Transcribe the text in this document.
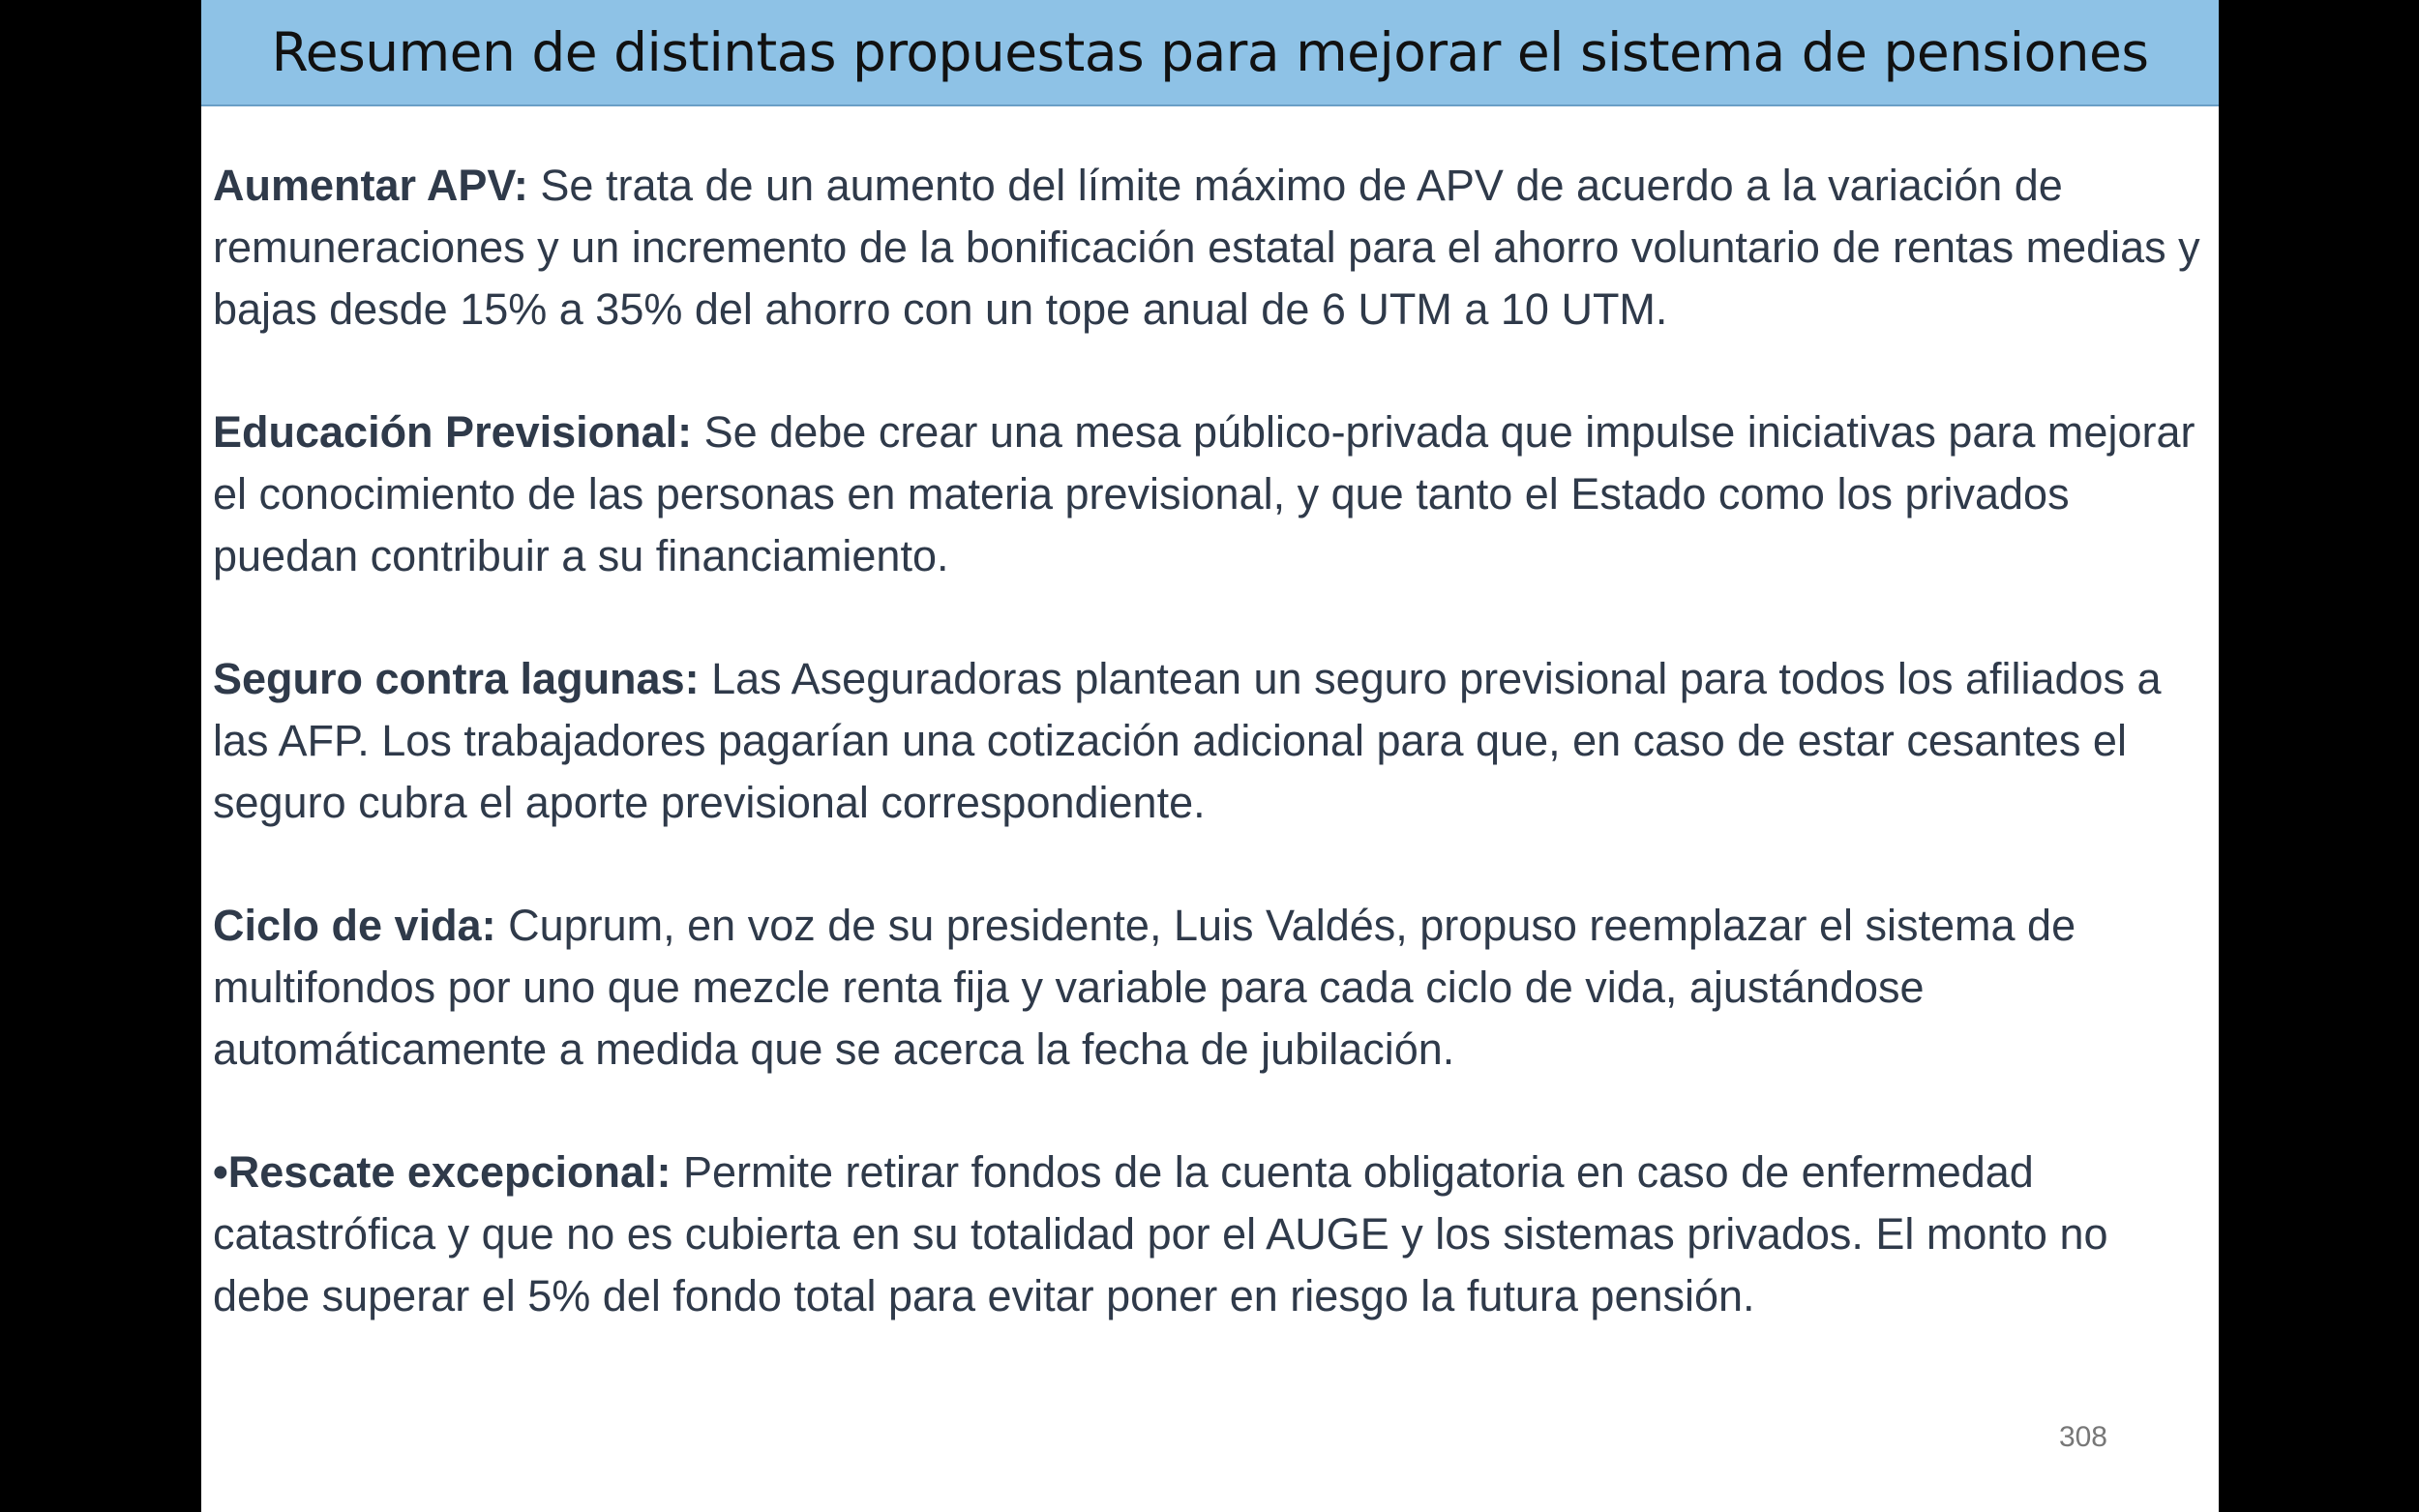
Resumen de distintas propuestas para mejorar el sistema de pensiones

Aumentar APV: Se trata de un aumento del límite máximo de APV de acuerdo a la variación de remuneraciones y un incremento de la bonificación estatal para el ahorro voluntario de rentas medias y bajas desde 15% a 35% del ahorro con un tope anual de 6 UTM a 10 UTM.

Educación Previsional: Se debe crear una mesa público-privada que impulse iniciativas para mejorar el conocimiento de las personas en materia previsional, y que tanto el Estado como los privados puedan contribuir a su financiamiento.

Seguro contra lagunas: Las Aseguradoras plantean un seguro previsional para todos los afiliados a las AFP. Los trabajadores pagarían una cotización adicional para que, en caso de estar cesantes el seguro cubra el aporte previsional correspondiente.

Ciclo de vida: Cuprum, en voz de su presidente, Luis Valdés, propuso reemplazar el sistema de multifondos por uno que mezcle renta fija y variable para cada ciclo de vida, ajustándose automáticamente a medida que se acerca la fecha de jubilación.

•Rescate excepcional: Permite retirar fondos de la cuenta obligatoria en caso de enfermedad catastrófica y que no es cubierta en su totalidad por el AUGE y los sistemas privados. El monto no debe superar el 5% del fondo total para evitar poner en riesgo la futura pensión.

308
